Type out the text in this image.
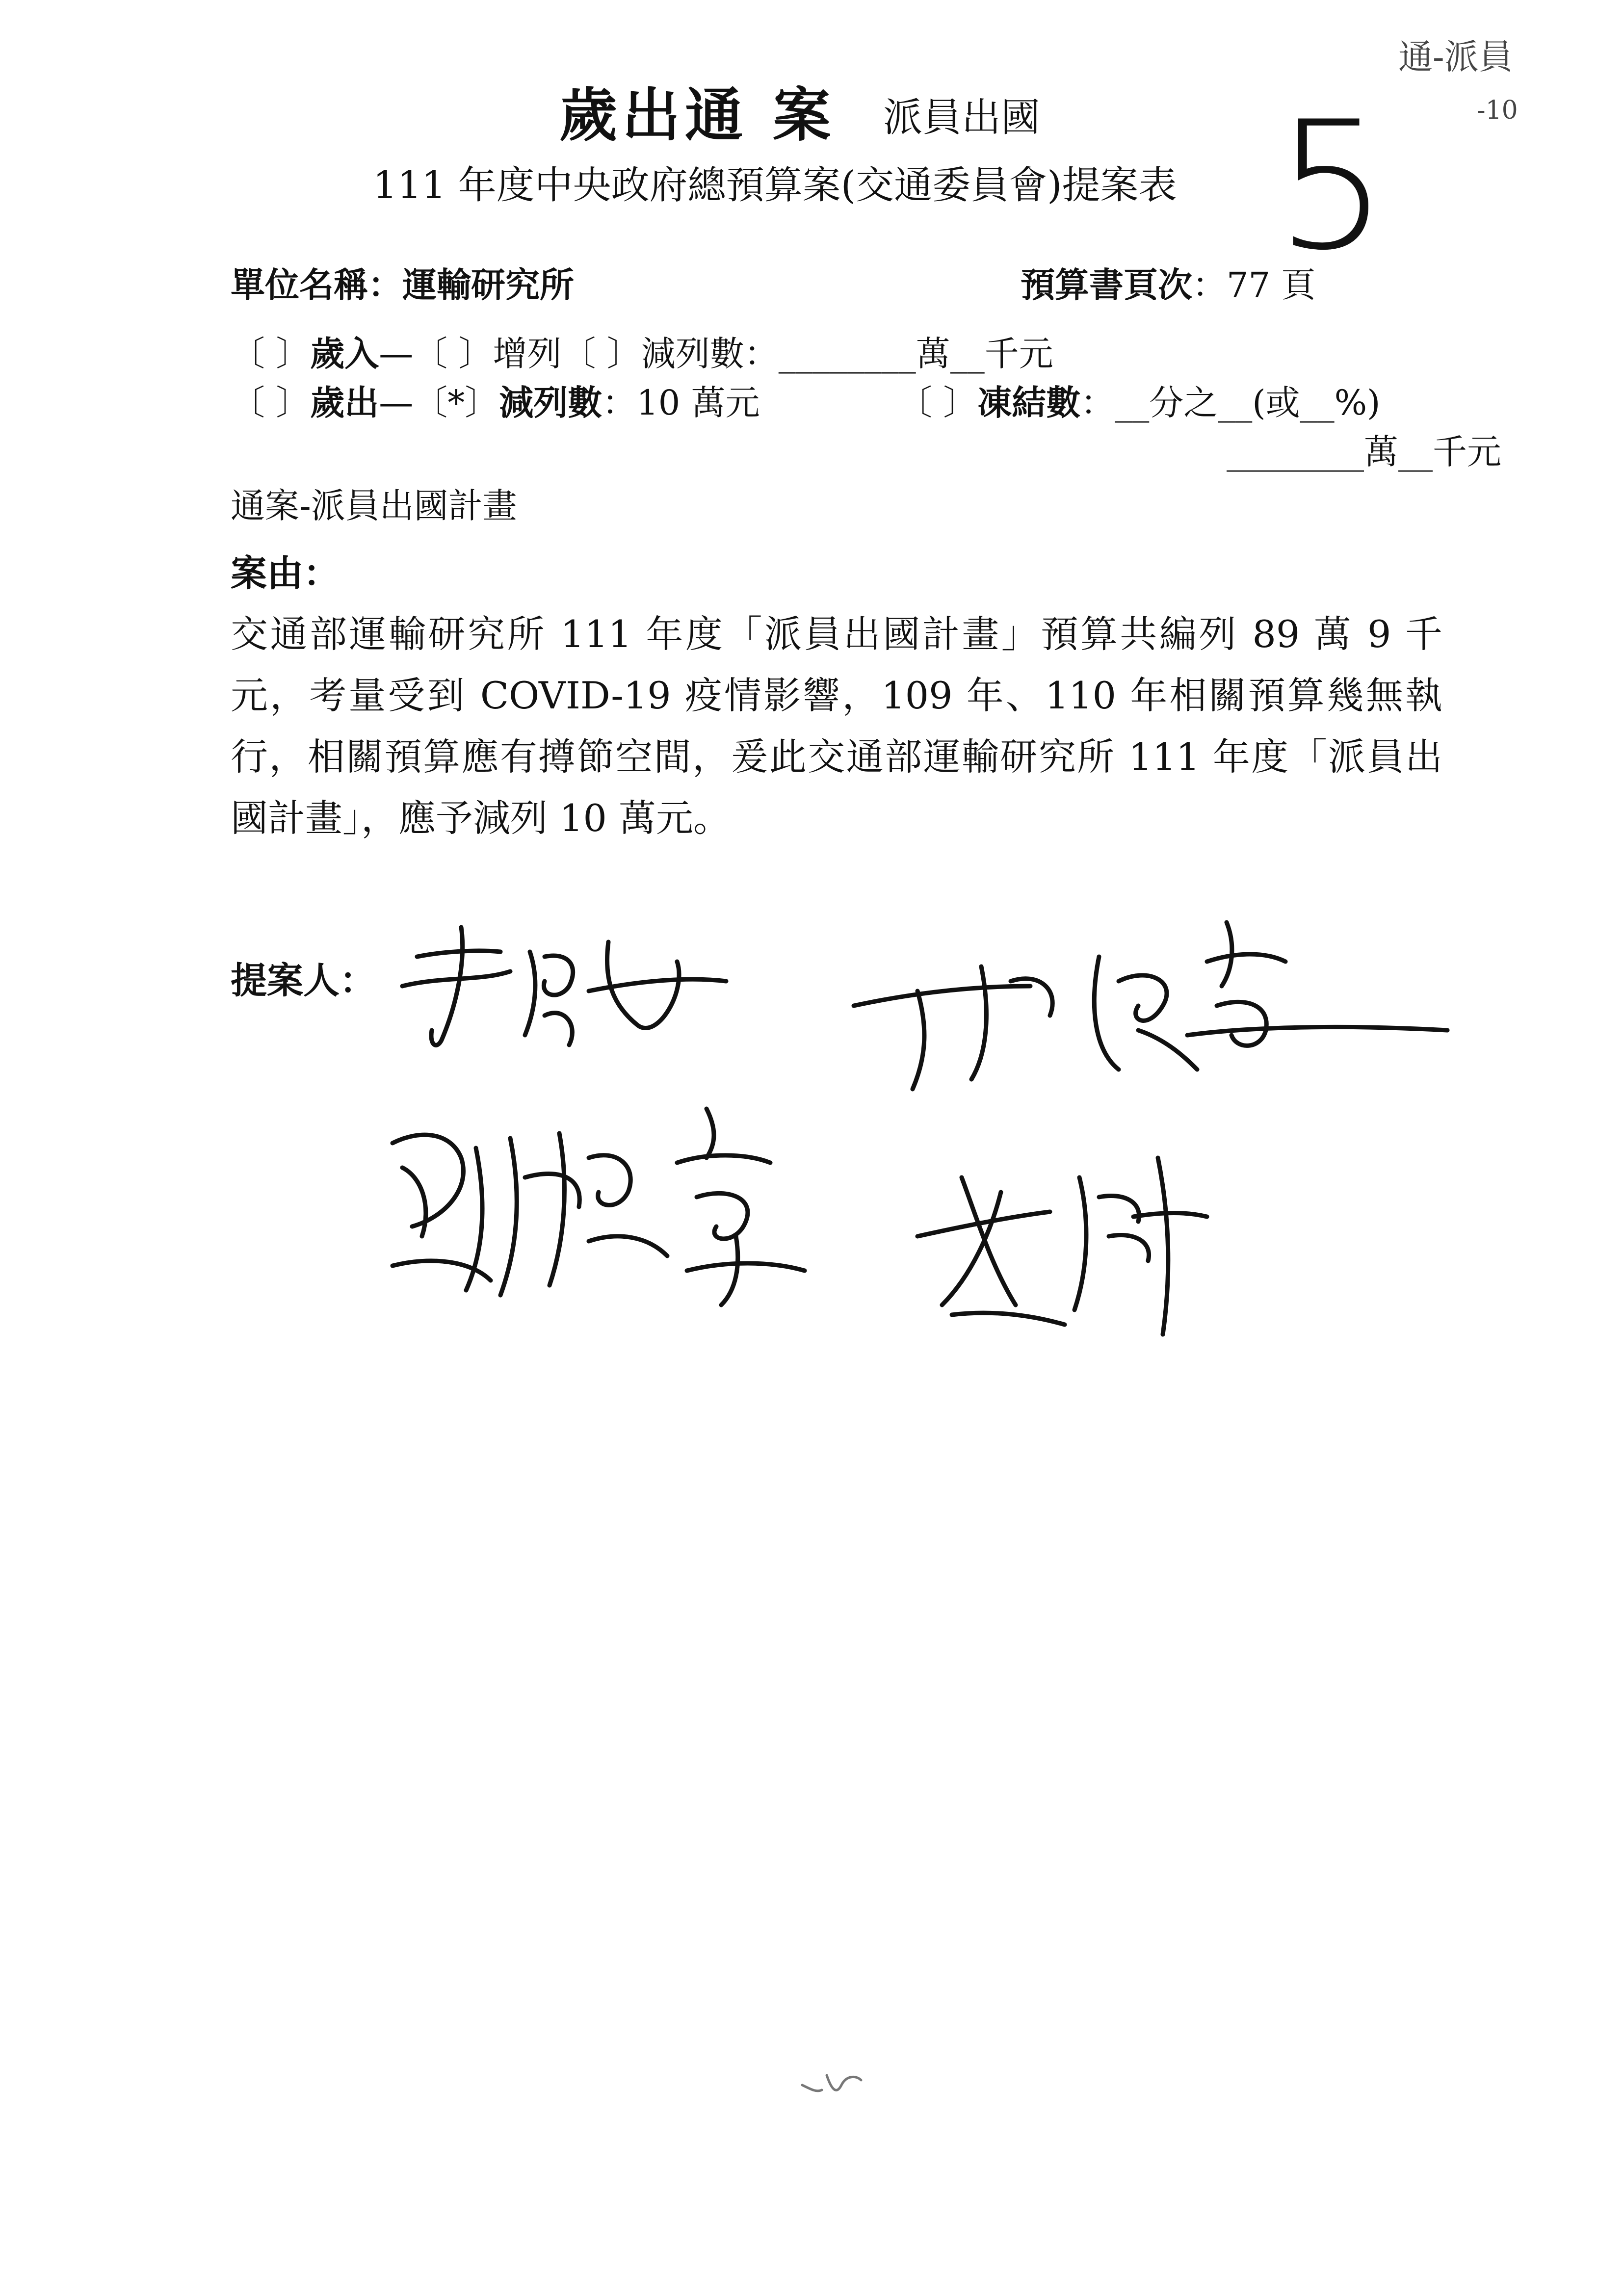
歲出通 案 派員出國
通-派員
-10
5
111 年度中央政府總預算案(交通委員會)提案表
單位名稱：運輸研究所	預算書頁次：77 頁
〔 〕歲入—〔 〕增列〔 〕減列數：________萬__千元
〔 〕歲出—〔*〕減列數：10 萬元	〔 〕凍結數：__分之__(或__%)
________萬__千元
通案-派員出國計畫
案由：
交通部運輸研究所 111 年度「派員出國計畫」預算共編列 89 萬 9 千元，考量受到 COVID-19 疫情影響，109 年、110 年相關預算幾無執行，相關預算應有撙節空間，爰此交通部運輸研究所 111 年度「派員出國計畫」，應予減列 10 萬元。
提案人：
